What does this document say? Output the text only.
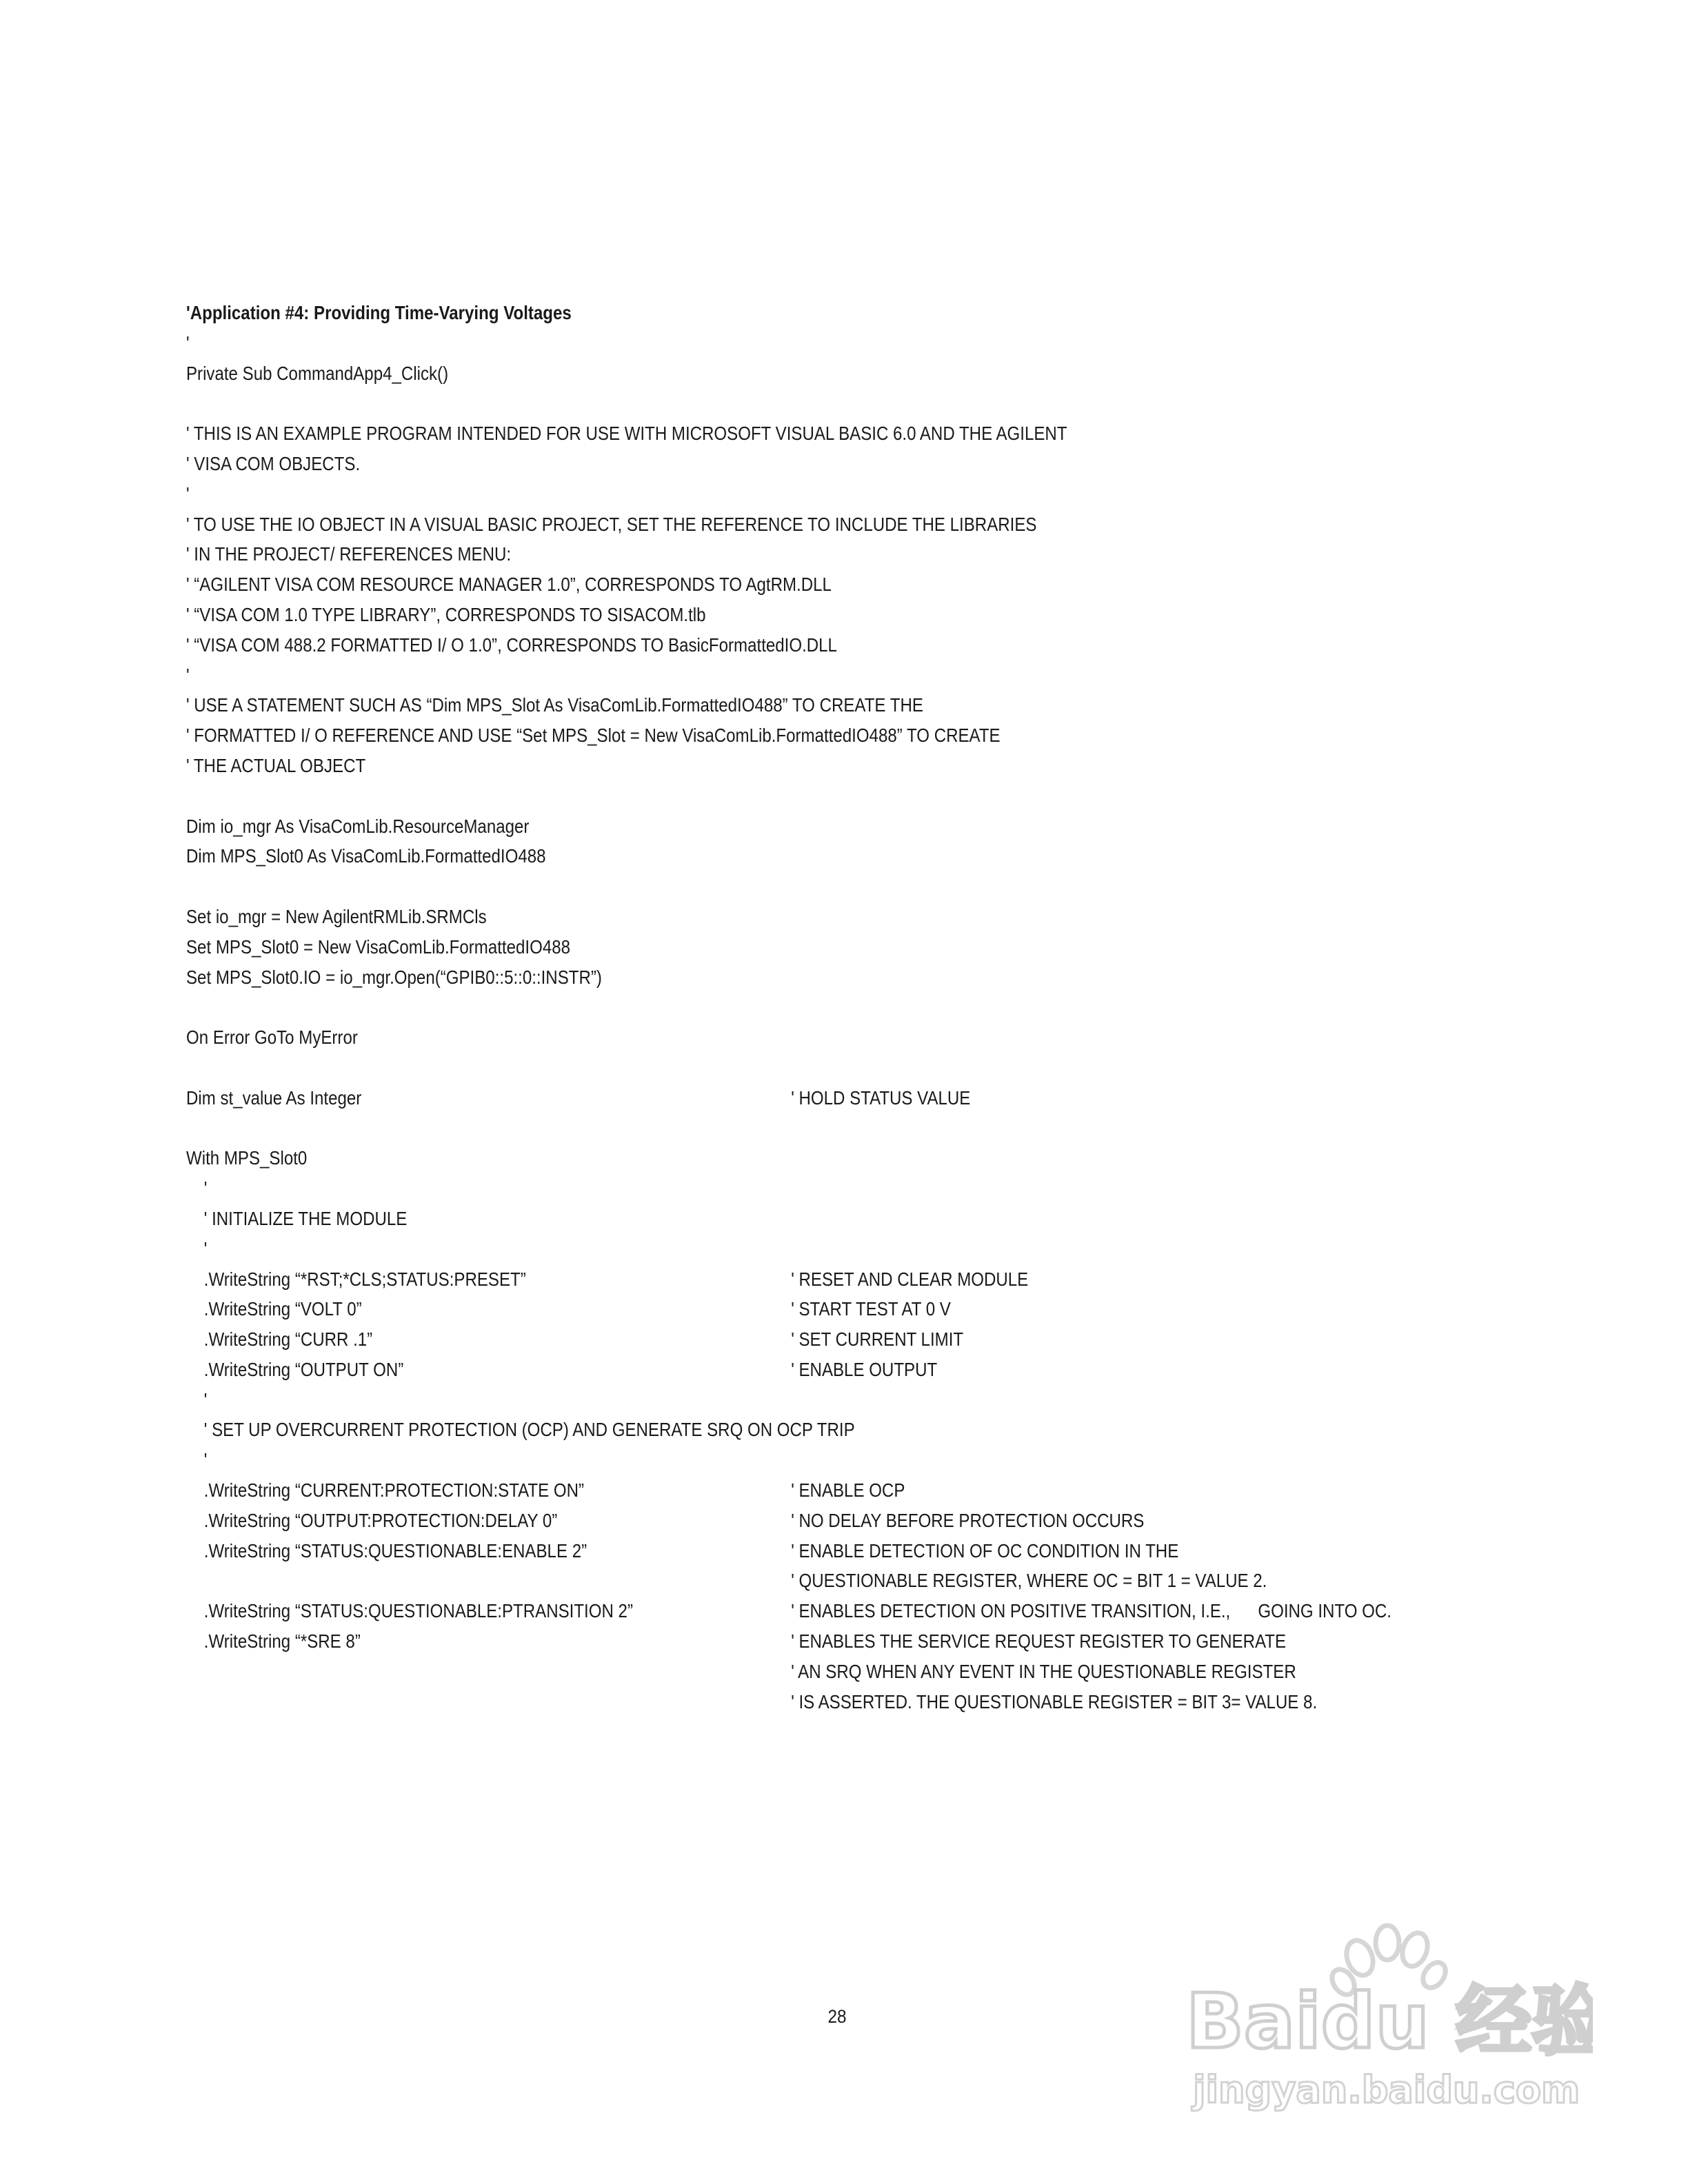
'Application #4: Providing Time-Varying Voltages
'
Private Sub CommandApp4_Click()
' THIS IS AN EXAMPLE PROGRAM INTENDED FOR USE WITH MICROSOFT VISUAL BASIC 6.0 AND THE AGILENT
' VISA COM OBJECTS.
'
' TO USE THE IO OBJECT IN A VISUAL BASIC PROJECT, SET THE REFERENCE TO INCLUDE THE LIBRARIES
' IN THE PROJECT/ REFERENCES MENU:
' “AGILENT VISA COM RESOURCE MANAGER 1.0”, CORRESPONDS TO AgtRM.DLL
' “VISA COM 1.0 TYPE LIBRARY”, CORRESPONDS TO SISACOM.tlb
' “VISA COM 488.2 FORMATTED I/ O 1.0”, CORRESPONDS TO BasicFormattedIO.DLL
'
' USE A STATEMENT SUCH AS “Dim MPS_Slot As VisaComLib.FormattedIO488” TO CREATE THE
' FORMATTED I/ O REFERENCE AND USE “Set MPS_Slot = New VisaComLib.FormattedIO488” TO CREATE
' THE ACTUAL OBJECT
Dim io_mgr As VisaComLib.ResourceManager
Dim MPS_Slot0 As VisaComLib.FormattedIO488
Set io_mgr = New AgilentRMLib.SRMCls
Set MPS_Slot0 = New VisaComLib.FormattedIO488
Set MPS_Slot0.IO = io_mgr.Open(“GPIB0::5::0::INSTR”)
On Error GoTo MyError
Dim st_value As Integer	' HOLD STATUS VALUE
With MPS_Slot0
'
' INITIALIZE THE MODULE
'
.WriteString “*RST;*CLS;STATUS:PRESET”	' RESET AND CLEAR MODULE
.WriteString “VOLT 0”	' START TEST AT 0 V
.WriteString “CURR .1”	' SET CURRENT LIMIT
.WriteString “OUTPUT ON”	' ENABLE OUTPUT
'
' SET UP OVERCURRENT PROTECTION (OCP) AND GENERATE SRQ ON OCP TRIP
'
.WriteString “CURRENT:PROTECTION:STATE ON”	' ENABLE OCP
.WriteString “OUTPUT:PROTECTION:DELAY 0”	' NO DELAY BEFORE PROTECTION OCCURS
.WriteString “STATUS:QUESTIONABLE:ENABLE 2”	' ENABLE DETECTION OF OC CONDITION IN THE
' QUESTIONABLE REGISTER, WHERE OC = BIT 1 = VALUE 2.
.WriteString “STATUS:QUESTIONABLE:PTRANSITION 2”	' ENABLES DETECTION ON POSITIVE TRANSITION, I.E.,      GOING INTO OC.
.WriteString “*SRE 8”	' ENABLES THE SERVICE REQUEST REGISTER TO GENERATE
' AN SRQ WHEN ANY EVENT IN THE QUESTIONABLE REGISTER
' IS ASSERTED. THE QUESTIONABLE REGISTER = BIT 3= VALUE 8.
28	Baidu 经验
jingyan.baidu.com
